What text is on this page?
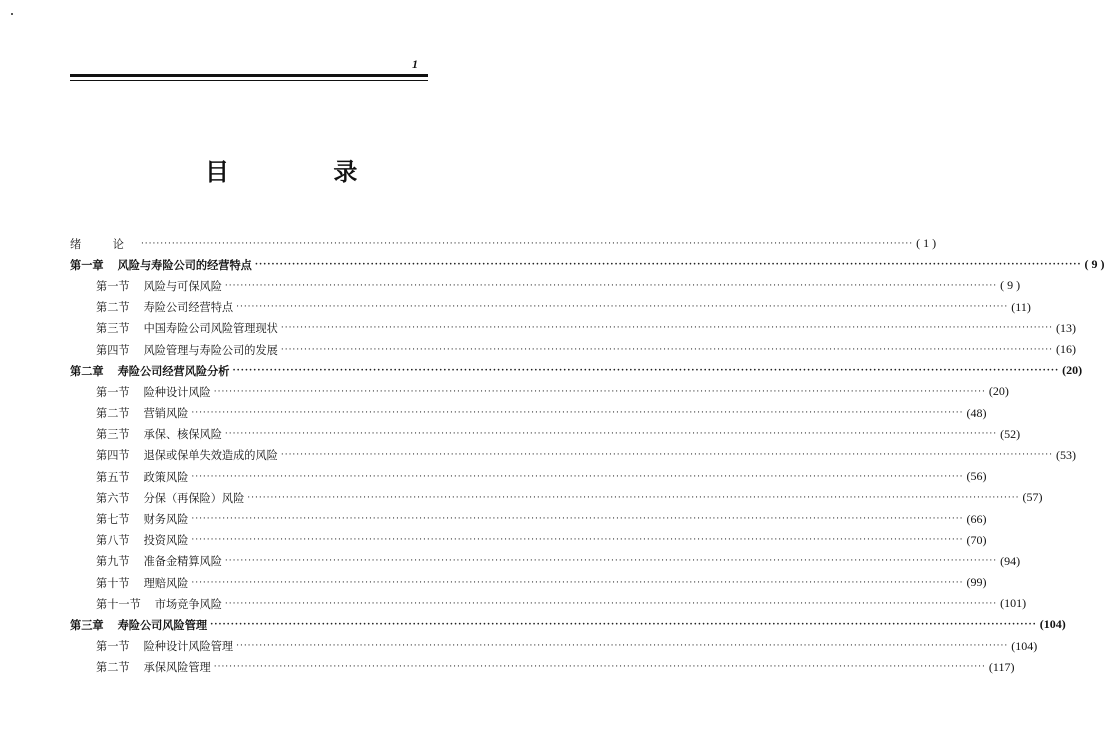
1
目 录
绪 论 ········································································································································································································ ( 1 )
第一章 风险与寿险公司的经营特点 ········································································································································································································ ( 9 )
第一节 风险与可保风险 ········································································································································································································ ( 9 )
第二节 寿险公司经营特点 ········································································································································································································ (11)
第三节 中国寿险公司风险管理现状 ········································································································································································································ (13)
第四节 风险管理与寿险公司的发展 ········································································································································································································ (16)
第二章 寿险公司经营风险分析 ········································································································································································································ (20)
第一节 险种设计风险 ········································································································································································································ (20)
第二节 营销风险 ········································································································································································································ (48)
第三节 承保、核保风险 ········································································································································································································ (52)
第四节 退保或保单失效造成的风险 ········································································································································································································ (53)
第五节 政策风险 ········································································································································································································ (56)
第六节 分保（再保险）风险 ········································································································································································································ (57)
第七节 财务风险 ········································································································································································································ (66)
第八节 投资风险 ········································································································································································································ (70)
第九节 准备金精算风险 ········································································································································································································ (94)
第十节 理赔风险 ········································································································································································································ (99)
第十一节 市场竞争风险 ········································································································································································································ (101)
第三章 寿险公司风险管理 ········································································································································································································ (104)
第一节 险种设计风险管理 ········································································································································································································ (104)
第二节 承保风险管理 ········································································································································································································ (117)
